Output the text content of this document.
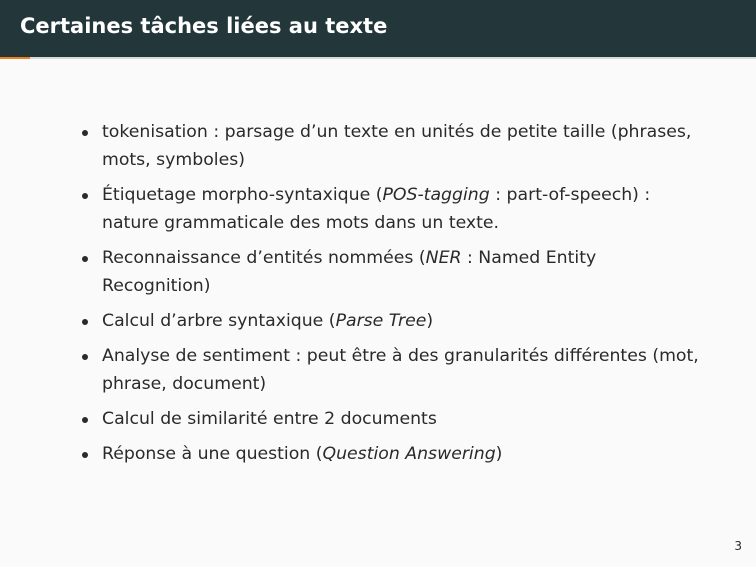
Certaines tâches liées au texte
tokenisation : parsage d’un texte en unités de petite taille (phrases, mots, symboles)
Étiquetage morpho-syntaxique (POS-tagging : part-of-speech) : nature grammaticale des mots dans un texte.
Reconnaissance d’entités nommées (NER : Named Entity Recognition)
Calcul d’arbre syntaxique (Parse Tree)
Analyse de sentiment : peut être à des granularités différentes (mot, phrase, document)
Calcul de similarité entre 2 documents
Réponse à une question (Question Answering)
3
